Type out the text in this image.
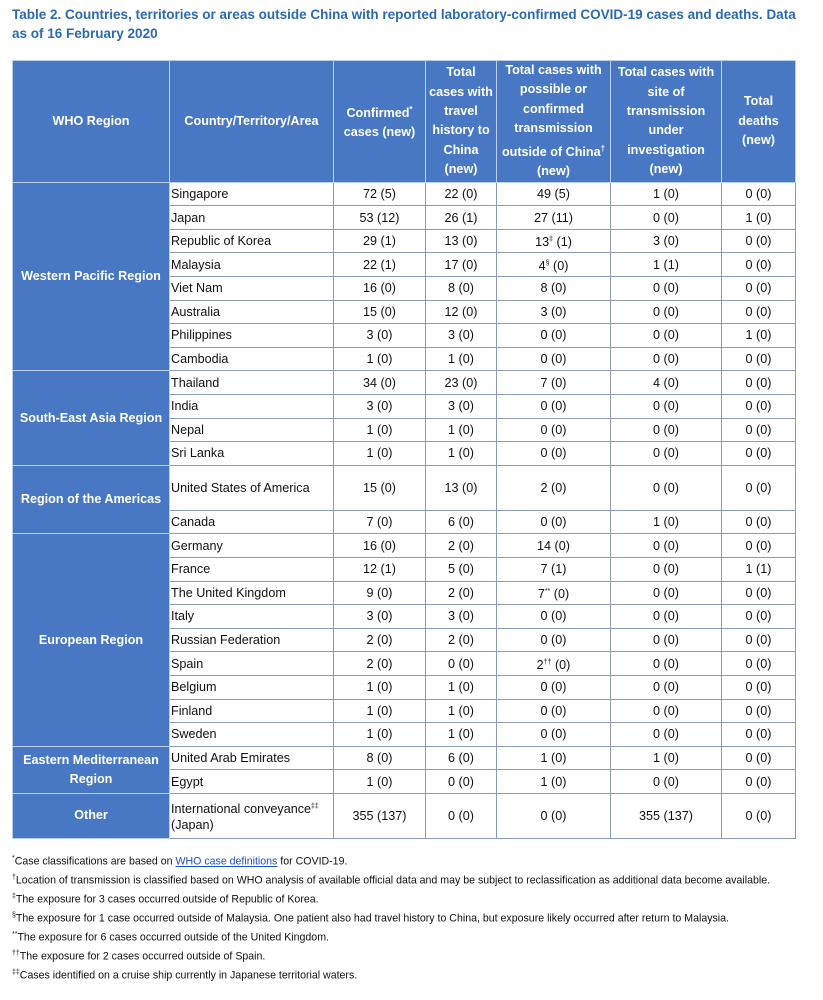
Table 2. Countries, territories or areas outside China with reported laboratory-confirmed COVID-19 cases and deaths. Data as of 16 February 2020
WHO Region	Country/Territory/Area	Confirmed* cases (new)	Total cases with travel history to China (new)	Total cases with possible or confirmed transmission outside of China† (new)	Total cases with site of transmission under investigation (new)	Total deaths (new)
Western Pacific Region	Singapore	72 (5)	22 (0)	49 (5)	1 (0)	0 (0)
	Japan	53 (12)	26 (1)	27 (11)	0 (0)	1 (0)
	Republic of Korea	29 (1)	13 (0)	13‡ (1)	3 (0)	0 (0)
	Malaysia	22 (1)	17 (0)	4§ (0)	1 (1)	0 (0)
	Viet Nam	16 (0)	8 (0)	8 (0)	0 (0)	0 (0)
	Australia	15 (0)	12 (0)	3 (0)	0 (0)	0 (0)
	Philippines	3 (0)	3 (0)	0 (0)	0 (0)	1 (0)
	Cambodia	1 (0)	1 (0)	0 (0)	0 (0)	0 (0)
South-East Asia Region	Thailand	34 (0)	23 (0)	7 (0)	4 (0)	0 (0)
	India	3 (0)	3 (0)	0 (0)	0 (0)	0 (0)
	Nepal	1 (0)	1 (0)	0 (0)	0 (0)	0 (0)
	Sri Lanka	1 (0)	1 (0)	0 (0)	0 (0)	0 (0)
Region of the Americas	United States of America	15 (0)	13 (0)	2 (0)	0 (0)	0 (0)
	Canada	7 (0)	6 (0)	0 (0)	1 (0)	0 (0)
European Region	Germany	16 (0)	2 (0)	14 (0)	0 (0)	0 (0)
	France	12 (1)	5 (0)	7 (1)	0 (0)	1 (1)
	The United Kingdom	9 (0)	2 (0)	7** (0)	0 (0)	0 (0)
	Italy	3 (0)	3 (0)	0 (0)	0 (0)	0 (0)
	Russian Federation	2 (0)	2 (0)	0 (0)	0 (0)	0 (0)
	Spain	2 (0)	0 (0)	2†† (0)	0 (0)	0 (0)
	Belgium	1 (0)	1 (0)	0 (0)	0 (0)	0 (0)
	Finland	1 (0)	1 (0)	0 (0)	0 (0)	0 (0)
	Sweden	1 (0)	1 (0)	0 (0)	0 (0)	0 (0)
Eastern Mediterranean Region	United Arab Emirates	8 (0)	6 (0)	1 (0)	1 (0)	0 (0)
	Egypt	1 (0)	0 (0)	1 (0)	0 (0)	0 (0)
Other	International conveyance‡‡ (Japan)	355 (137)	0 (0)	0 (0)	355 (137)	0 (0)
*Case classifications are based on WHO case definitions for COVID-19.
†Location of transmission is classified based on WHO analysis of available official data and may be subject to reclassification as additional data become available.
‡The exposure for 3 cases occurred outside of Republic of Korea.
§The exposure for 1 case occurred outside of Malaysia. One patient also had travel history to China, but exposure likely occurred after return to Malaysia.
**The exposure for 6 cases occurred outside of the United Kingdom.
††The exposure for 2 cases occurred outside of Spain.
‡‡Cases identified on a cruise ship currently in Japanese territorial waters.
